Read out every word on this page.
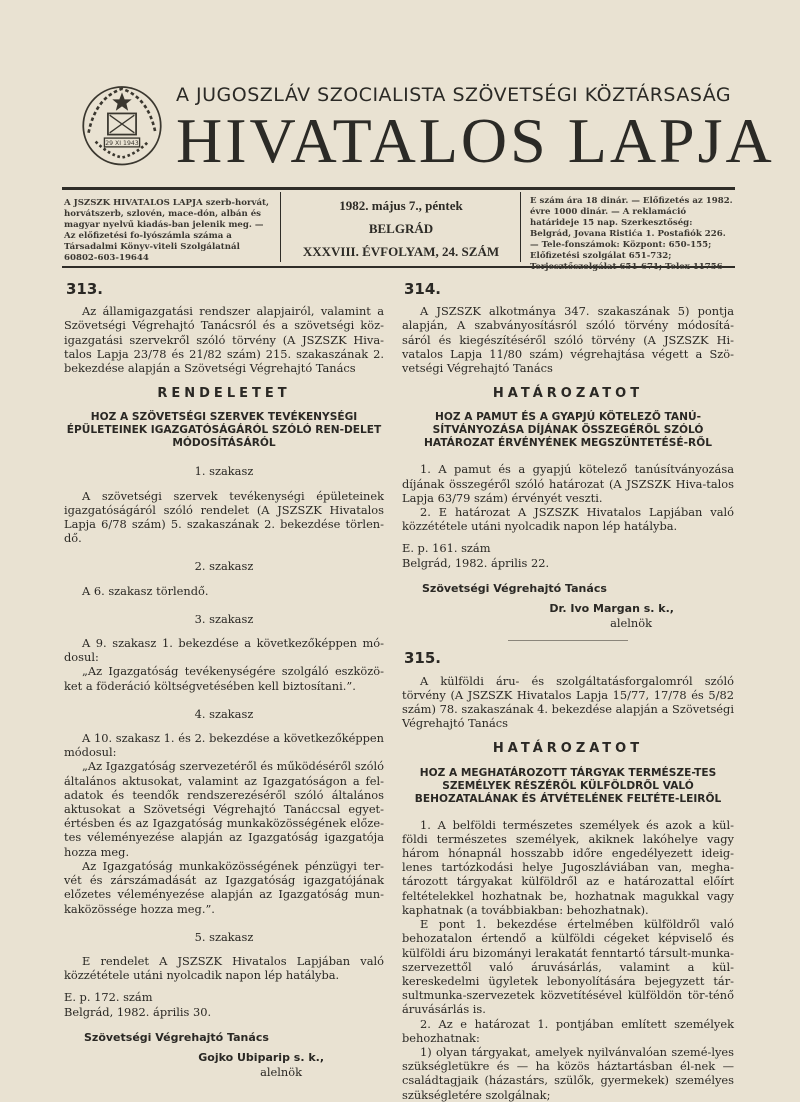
29 XI 1943
A JUGOSZLÁV SZOCIALISTA SZÖVETSÉGI KÖZTÁRSASÁG
HIVATALOS LAPJA
A JSZSZK HIVATALOS LAPJA szerb-horvát, horvátszerb, szlovén, mace-dón, albán és magyar nyelvű kiadás-ban jelenik meg. — Az előfizetési fo-lyószámla száma a Társadalmi Könyv-viteli Szolgálatnál 60802-603-19644
1982. május 7., péntek
BELGRÁD
XXXVIII. ÉVFOLYAM, 24. SZÁM
E szám ára 18 dinár. — Előfizetés az 1982. évre 1000 dinár. — A reklamáció határideje 15 nap. Szerkesztőség: Belgrád, Jovana Ristića 1. Postafiók 226. — Tele-fonszámok: Központ: 650-155; Előfizetési szolgálat 651-732; Terjesztőszolgálat 651-671; Telex 11756
313.

Az államigazgatási rendszer alapjairól, valamint a Szövetségi Végrehajtó Tanácsról és a szövetségi köz-igazgatási szervekről szóló törvény (A JSZSZK Hiva-talos Lapja 23/78 és 21/82 szám) 215. szakaszának 2. bekezdése alapján a Szövetségi Végrehajtó Tanács

RENDELETET
HOZ A SZÖVETSÉGI SZERVEK TEVÉKENYSÉGI ÉPÜLETEINEK IGAZGATÓSÁGÁRÓL SZÓLÓ REN-DELET MÓDOSÍTÁSÁRÓL
1. szakasz

A szövetségi szervek tevékenységi épületeinek igazgatóságáról szóló rendelet (A JSZSZK Hivatalos Lapja 6/78 szám) 5. szakaszának 2. bekezdése törlen-dő.

2. szakasz

A 6. szakasz törlendő.

3. szakasz

A 9. szakasz 1. bekezdése a következőképpen mó-dosul:

„Az Igazgatóság tevékenységére szolgáló eszközö-ket a föderáció költségvetésében kell biztosítani.”.

4. szakasz

A 10. szakasz 1. és 2. bekezdése a következőképpen módosul:

„Az Igazgatóság szervezetéről és működéséről szóló általános aktusokat, valamint az Igazgatóságon a fel-adatok és teendők rendszerezéséről szóló általános aktusokat a Szövetségi Végrehajtó Tanáccsal egyet-értésben és az Igazgatóság munkaközösségének előze-tes véleményezése alapján az Igazgatóság igazgatója hozza meg.

Az Igazgatóság munkaközösségének pénzügyi ter-vét és zárszámadását az Igazgatóság igazgatójának előzetes véleményezése alapján az Igazgatóság mun-kaközössége hozza meg.”.

5. szakasz

E rendelet A JSZSZK Hivatalos Lapjában való közzététele utáni nyolcadik napon lép hatályba.

E. p. 172. szám

Belgrád, 1982. április 30.

Szövetségi Végrehajtó Tanács
Gojko Ubiparip s. k.,
alelnök
314.

A JSZSZK alkotmánya 347. szakaszának 5) pontja alapján, A szabványosításról szóló törvény módosítá-sáról és kiegészítéséről szóló törvény (A JSZSZK Hi-vatalos Lapja 11/80 szám) végrehajtása végett a Szö-vetségi Végrehajtó Tanács

HATÁROZATOT
HOZ A PAMUT ÉS A GYAPJÚ KÖTELEZŐ TANÚ-SÍTVÁNYOZÁSA DÍJÁNAK ÖSSZEGÉRŐL SZÓLÓ HATÁROZAT ÉRVÉNYÉNEK MEGSZÜNTETÉSÉ-RŐL

1. A pamut és a gyapjú kötelező tanúsítványozása díjának összegéről szóló határozat (A JSZSZK Hiva-talos Lapja 63/79 szám) érvényét veszti.

2. E határozat A JSZSZK Hivatalos Lapjában való közzététele utáni nyolcadik napon lép hatályba.

E. p. 161. szám

Belgrád, 1982. április 22.

Szövetségi Végrehajtó Tanács
Dr. Ivo Margan s. k.,
alelnök
315.

A külföldi áru- és szolgáltatásforgalomról szóló törvény (A JSZSZK Hivatalos Lapja 15/77, 17/78 és 5/82 szám) 78. szakaszának 4. bekezdése alapján a Szövetségi Végrehajtó Tanács

HATÁROZATOT
HOZ A MEGHATÁROZOTT TÁRGYAK TERMÉSZE-TES SZEMÉLYEK RÉSZÉRŐL KÜLFÖLDRŐL VALÓ BEHOZATALÁNAK ÉS ÁTVÉTELÉNEK FELTÉTE-LEIRŐL

1. A belföldi természetes személyek és azok a kül-földi természetes személyek, akiknek lakóhelye vagy három hónapnál hosszabb időre engedélyezett ideig-lenes tartózkodási helye Jugoszláviában van, megha-tározott tárgyakat külföldről az e határozattal előírt feltételekkel hozhatnak be, hozhatnak magukkal vagy kaphatnak (a továbbiakban: behozhatnak).

E pont 1. bekezdése értelmében külföldről való behozatalon értendő a külföldi cégeket képviselő és külföldi áru bizományi lerakatát fenntartó társult-munka-szervezettől való áruvásárlás, valamint a kül-kereskedelmi ügyletek lebonyolítására bejegyzett tár-sultmunka-szervezetek közvetítésével külföldön tör-ténő áruvásárlás is.

2. Az e határozat 1. pontjában említett személyek behozhatnak:

1) olyan tárgyakat, amelyek nyilvánvalóan szemé-lyes szükségletükre és — ha közös háztartásban él-nek — családtagjaik (házastárs, szülők, gyermekek) személyes szükségletére szolgálnak;
